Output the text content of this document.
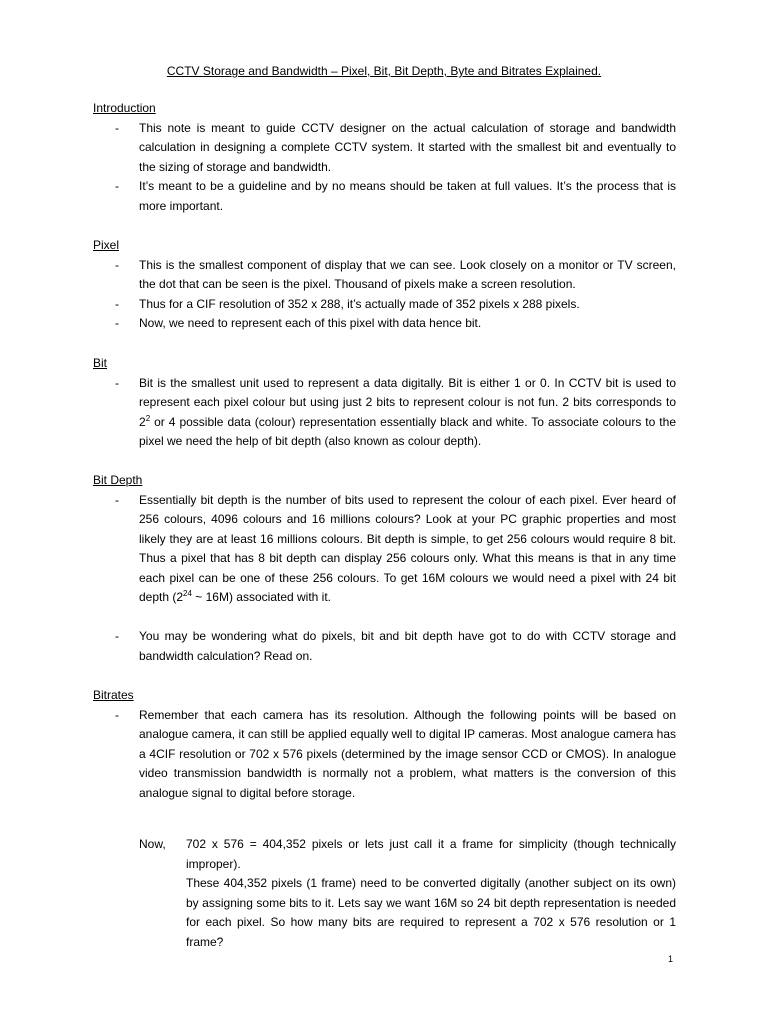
CCTV Storage and Bandwidth – Pixel, Bit, Bit Depth, Byte and Bitrates Explained.
Introduction
- This note is meant to guide CCTV designer on the actual calculation of storage and bandwidth calculation in designing a complete CCTV system. It started with the smallest bit and eventually to the sizing of storage and bandwidth.
- It’s meant to be a guideline and by no means should be taken at full values. It’s the process that is more important.
Pixel
- This is the smallest component of display that we can see. Look closely on a monitor or TV screen, the dot that can be seen is the pixel. Thousand of pixels make a screen resolution.
- Thus for a CIF resolution of 352 x 288, it’s actually made of 352 pixels x 288 pixels.
- Now, we need to represent each of this pixel with data hence bit.
Bit
- Bit is the smallest unit used to represent a data digitally. Bit is either 1 or 0. In CCTV bit is used to represent each pixel colour but using just 2 bits to represent colour is not fun. 2 bits corresponds to $2^2$ or 4 possible data (colour) representation essentially black and white. To associate colours to the pixel we need the help of bit depth (also known as colour depth).
Bit Depth
- Essentially bit depth is the number of bits used to represent the colour of each pixel. Ever heard of 256 colours, 4096 colours and 16 millions colours? Look at your PC graphic properties and most likely they are at least 16 millions colours. Bit depth is simple, to get 256 colours would require 8 bit. Thus a pixel that has 8 bit depth can display 256 colours only. What this means is that in any time each pixel can be one of these 256 colours. To get 16M colours we would need a pixel with 24 bit depth ($2^{24}$ ~ 16M) associated with it.
- You may be wondering what do pixels, bit and bit depth have got to do with CCTV storage and bandwidth calculation? Read on.
Bitrates
- Remember that each camera has its resolution. Although the following points will be based on analogue camera, it can still be applied equally well to digital IP cameras. Most analogue camera has a 4CIF resolution or 702 x 576 pixels (determined by the image sensor CCD or CMOS). In analogue video transmission bandwidth is normally not a problem, what matters is the conversion of this analogue signal to digital before storage.
Now,	702 x 576 = 404,352 pixels or lets just call it a frame for simplicity (though technically improper).
These 404,352 pixels (1 frame) need to be converted digitally (another subject on its own) by assigning some bits to it. Lets say we want 16M so 24 bit depth representation is needed for each pixel. So how many bits are required to represent a 702 x 576 resolution or 1 frame?
1
